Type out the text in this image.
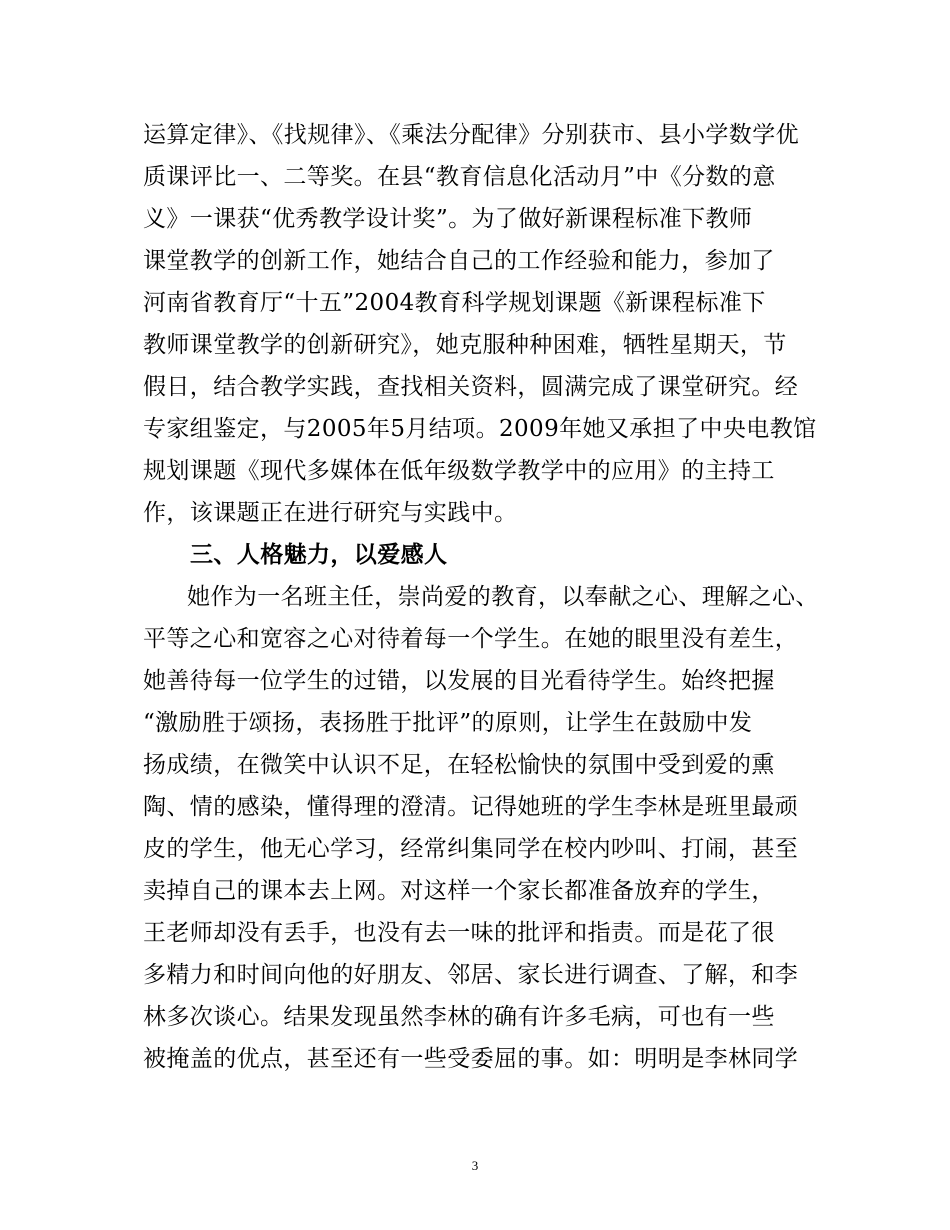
运算定律》、《找规律》、《乘法分配律》分别获市、县小学数学优
质课评比一、二等奖。在县“教育信息化活动月”中《分数的意
义》一课获“优秀教学设计奖”。为了做好新课程标准下教师
课堂教学的创新工作，她结合自己的工作经验和能力，参加了
河南省教育厅“十五”2004教育科学规划课题《新课程标准下
教师课堂教学的创新研究》，她克服种种困难，牺牲星期天，节
假日，结合教学实践，查找相关资料，圆满完成了课堂研究。经
专家组鉴定，与2005年5月结项。2009年她又承担了中央电教馆
规划课题《现代多媒体在低年级数学教学中的应用》的主持工
作，该课题正在进行研究与实践中。
三、人格魅力，以爱感人
她作为一名班主任，崇尚爱的教育，以奉献之心、理解之心、
平等之心和宽容之心对待着每一个学生。在她的眼里没有差生，
她善待每一位学生的过错，以发展的目光看待学生。始终把握
“激励胜于颂扬，表扬胜于批评”的原则，让学生在鼓励中发
扬成绩，在微笑中认识不足，在轻松愉快的氛围中受到爱的熏
陶、情的感染，懂得理的澄清。记得她班的学生李林是班里最顽
皮的学生，他无心学习，经常纠集同学在校内吵叫、打闹，甚至
卖掉自己的课本去上网。对这样一个家长都准备放弃的学生，
王老师却没有丢手，也没有去一味的批评和指责。而是花了很
多精力和时间向他的好朋友、邻居、家长进行调查、了解，和李
林多次谈心。结果发现虽然李林的确有许多毛病，可也有一些
被掩盖的优点，甚至还有一些受委屈的事。如：明明是李林同学
3
